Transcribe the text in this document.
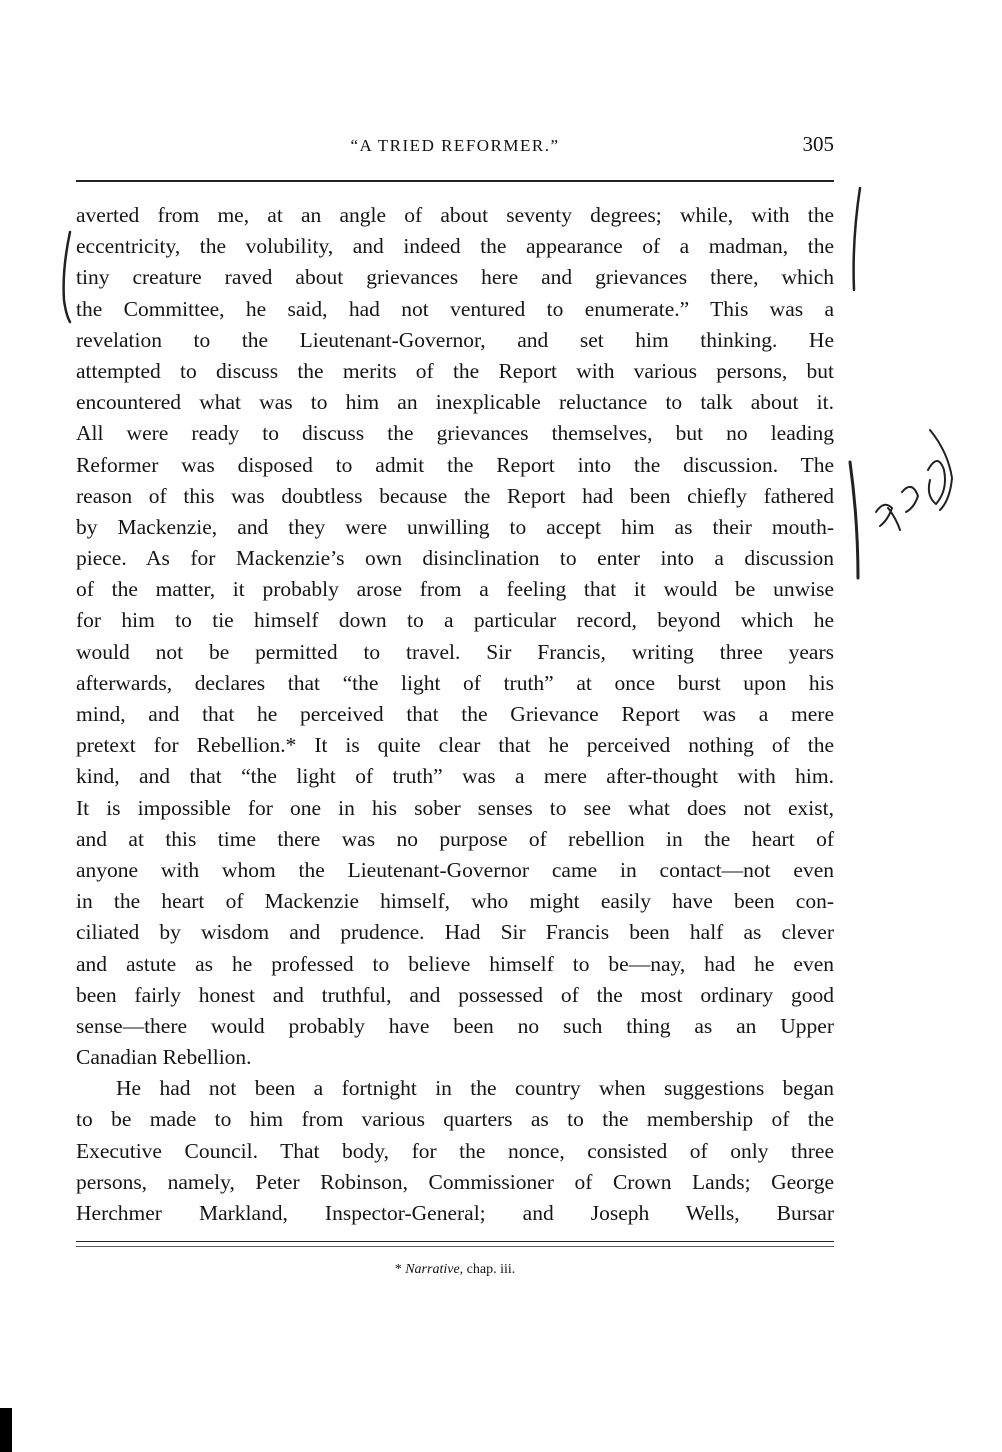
“A TRIED REFORMER.”	305
averted from me, at an angle of about seventy degrees; while, with the
eccentricity, the volubility, and indeed the appearance of a madman, the
tiny creature raved about grievances here and grievances there, which
the Committee, he said, had not ventured to enumerate.” This was a
revelation to the Lieutenant-Governor, and set him thinking. He
attempted to discuss the merits of the Report with various persons, but
encountered what was to him an inexplicable reluctance to talk about it.
All were ready to discuss the grievances themselves, but no leading
Reformer was disposed to admit the Report into the discussion. The
reason of this was doubtless because the Report had been chiefly fathered
by Mackenzie, and they were unwilling to accept him as their mouth-
piece. As for Mackenzie’s own disinclination to enter into a discussion
of the matter, it probably arose from a feeling that it would be unwise
for him to tie himself down to a particular record, beyond which he
would not be permitted to travel. Sir Francis, writing three years
afterwards, declares that “the light of truth” at once burst upon his
mind, and that he perceived that the Grievance Report was a mere
pretext for Rebellion.* It is quite clear that he perceived nothing of the
kind, and that “the light of truth” was a mere after-thought with him.
It is impossible for one in his sober senses to see what does not exist,
and at this time there was no purpose of rebellion in the heart of
anyone with whom the Lieutenant-Governor came in contact—not even
in the heart of Mackenzie himself, who might easily have been con-
ciliated by wisdom and prudence. Had Sir Francis been half as clever
and astute as he professed to believe himself to be—nay, had he even
been fairly honest and truthful, and possessed of the most ordinary good
sense—there would probably have been no such thing as an Upper
Canadian Rebellion.
He had not been a fortnight in the country when suggestions began
to be made to him from various quarters as to the membership of the
Executive Council. That body, for the nonce, consisted of only three
persons, namely, Peter Robinson, Commissioner of Crown Lands; George
Herchmer Markland, Inspector-General; and Joseph Wells, Bursar
* Narrative, chap. iii.
